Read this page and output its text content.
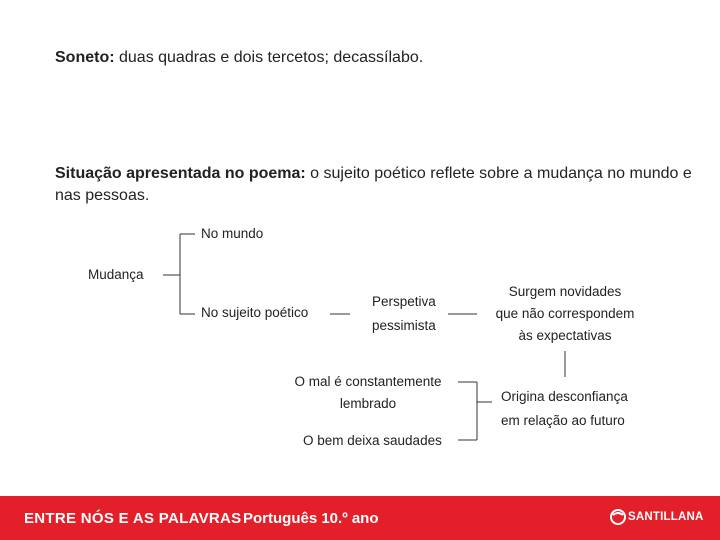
Soneto: duas quadras e dois tercetos; decassílabo.
Situação apresentada no poema: o sujeito poético reflete sobre a mudança no mundo e nas pessoas.
Mudança
No mundo
No sujeito poético
Perspetiva
pessimista
Surgem novidades
que não correspondem
às expectativas
O mal é constantemente
lembrado
O bem deixa saudades
Origina desconfiança
em relação ao futuro
ENTRE NÓS E AS PALAVRAS Português 10.º ano	SANTILLANA
